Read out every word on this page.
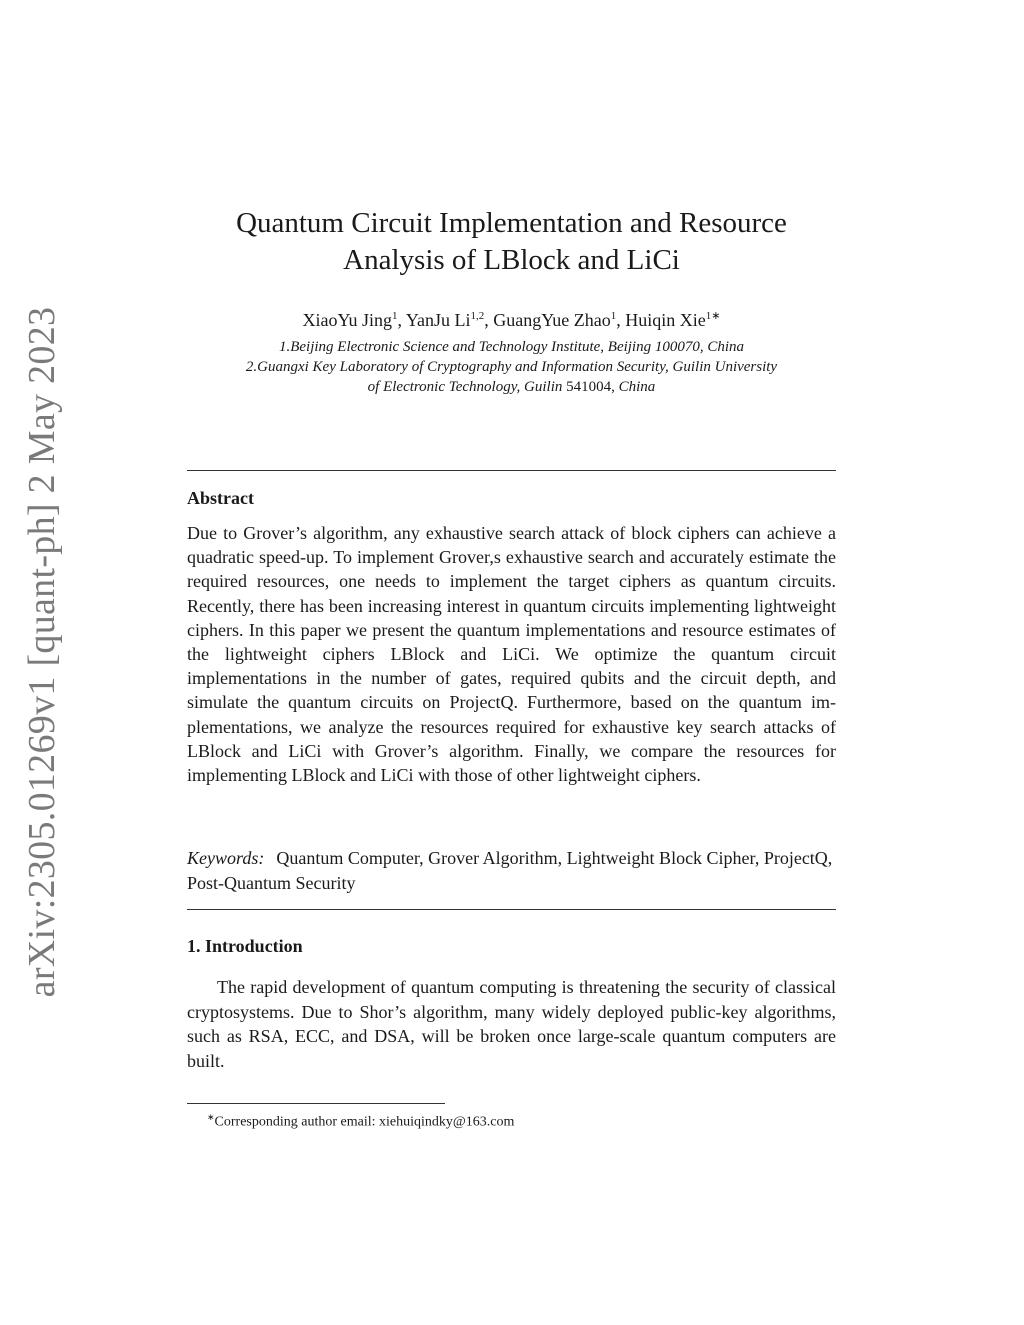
arXiv:2305.01269v1 [quant-ph] 2 May 2023
Quantum Circuit Implementation and Resource
Analysis of LBlock and LiCi
XiaoYu Jing$^1$, YanJu Li$^{1,2}$, GuangYue Zhao$^1$, Huiqin Xie$^{1∗}$
1.Beijing Electronic Science and Technology Institute, Beijing 100070, China
2.Guangxi Key Laboratory of Cryptography and Information Security, Guilin University
of Electronic Technology, Guilin 541004, China
Abstract
Due to Grover’s algorithm, any exhaustive search attack of block ciphers can achieve a quadratic speed-up. To implement Grover,s exhaustive search and accurately estimate the required resources, one needs to implement the target ciphers as quantum circuits. Recently, there has been increasing interest in quantum circuits implementing lightweight ciphers. In this paper we present the quantum implementations and resource estimates of the lightweight ciphers LBlock and LiCi. We optimize the quantum circuit implementations in the number of gates, required qubits and the circuit depth, and simulate the quantum circuits on ProjectQ. Furthermore, based on the quantum implementations, we analyze the resources required for exhaustive key search attacks of LBlock and LiCi with Grover’s algorithm. Finally, we compare the resources for implementing LBlock and LiCi with those of other lightweight ciphers.
Keywords: Quantum Computer, Grover Algorithm, Lightweight Block Cipher, ProjectQ, Post-Quantum Security
1. Introduction
The rapid development of quantum computing is threatening the security of classical cryptosystems. Due to Shor’s algorithm, many widely deployed public-key algorithms, such as RSA, ECC, and DSA, will be broken once large-scale quantum computers are built.
∗Corresponding author email: xiehuiqindky@163.com
